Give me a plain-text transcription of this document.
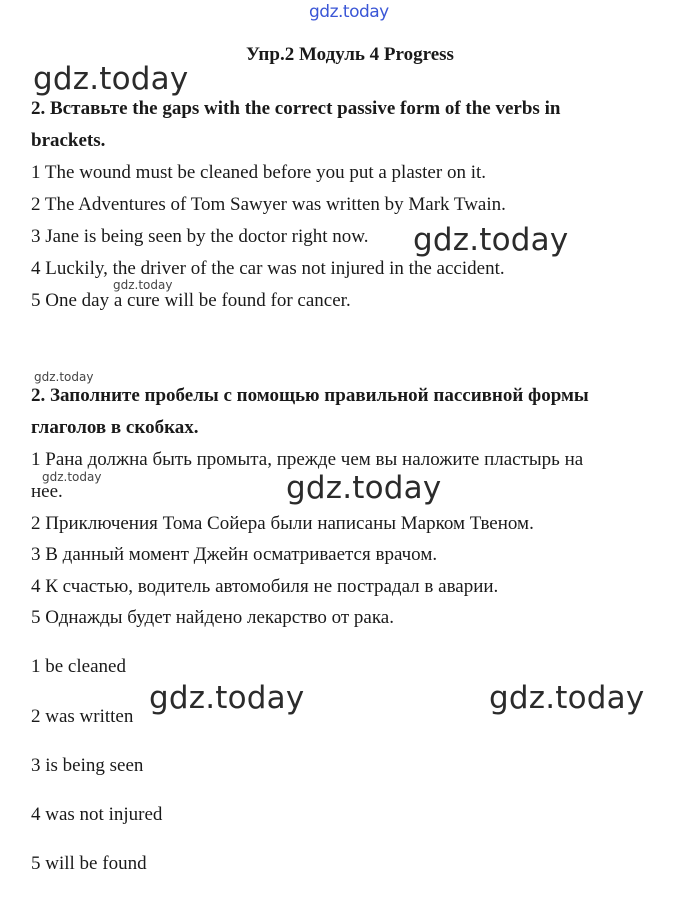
gdz.today
Упр.2 Модуль 4 Progress
gdz.today
2. Вставьте the gaps with the correct passive form of the verbs in
brackets.
1 The wound must be cleaned before you put a plaster on it.
2 The Adventures of Tom Sawyer was written by Mark Twain.
3 Jane is being seen by the doctor right now. gdz.today
4 Luckily, the driver of the car was not injured in the accident.
gdz.today
5 One day a cure will be found for cancer.
gdz.today
2. Заполните пробелы с помощью правильной пассивной формы
глаголов в скобках.
1 Рана должна быть промыта, прежде чем вы наложите пластырь на
gdz.today
нее.	gdz.today
2 Приключения Тома Сойера были написаны Марком Твеном.
3 В данный момент Джейн осматривается врачом.
4 К счастью, водитель автомобиля не пострадал в аварии.
5 Однажды будет найдено лекарство от рака.
1 be cleaned
gdz.today	gdz.today
2 was written
3 is being seen
4 was not injured
5 will be found
